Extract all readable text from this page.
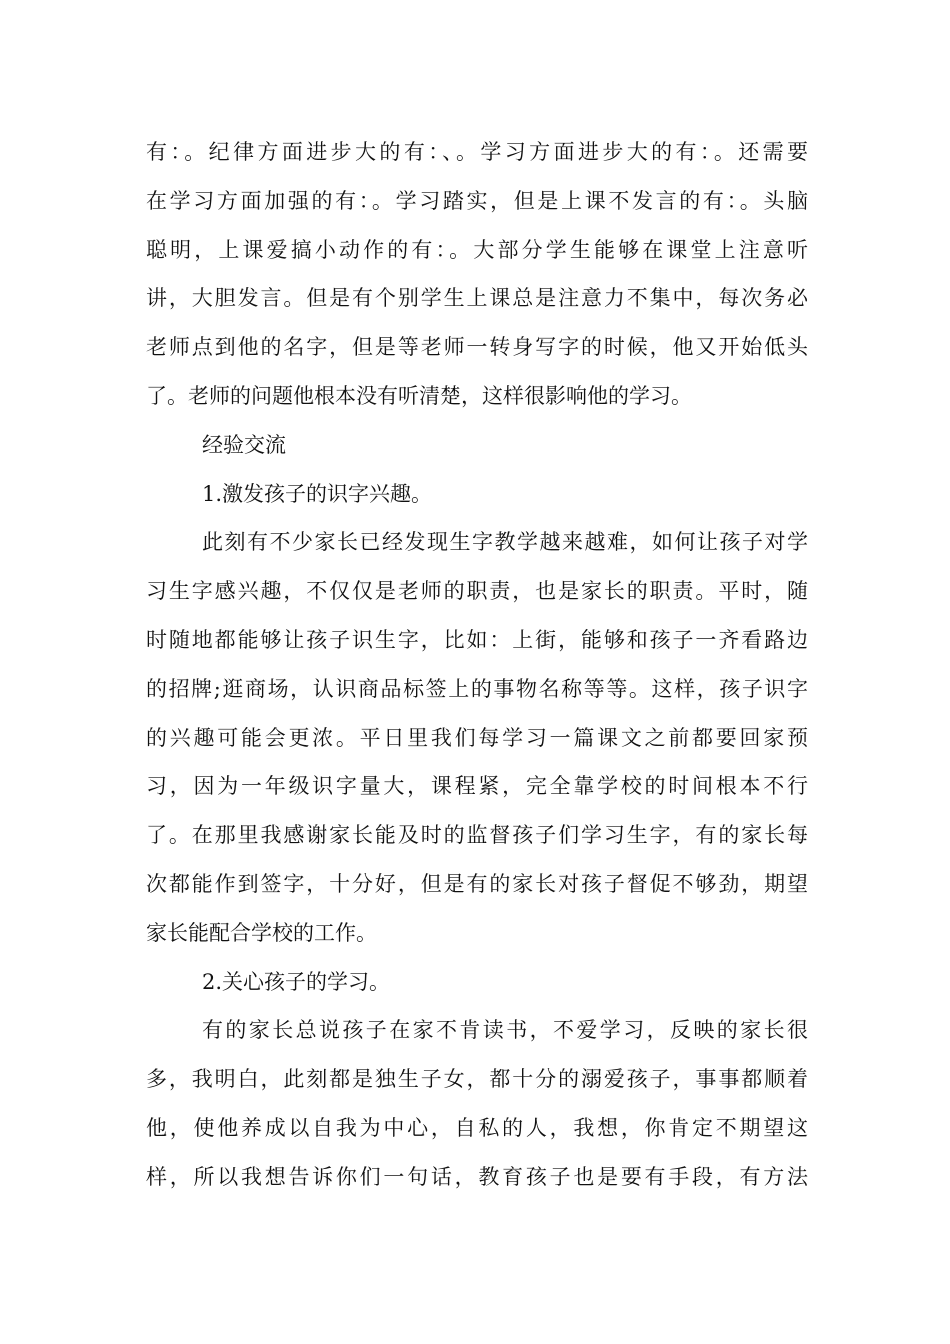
有：。纪律方面进步大的有：、。学习方面进步大的有：。还需要
在学习方面加强的有：。学习踏实，但是上课不发言的有：。头脑
聪明，上课爱搞小动作的有：。大部分学生能够在课堂上注意听
讲，大胆发言。但是有个别学生上课总是注意力不集中，每次务必
老师点到他的名字，但是等老师一转身写字的时候，他又开始低头
了。老师的问题他根本没有听清楚，这样很影响他的学习。
经验交流
1.激发孩子的识字兴趣。
此刻有不少家长已经发现生字教学越来越难，如何让孩子对学
习生字感兴趣，不仅仅是老师的职责，也是家长的职责。平时，随
时随地都能够让孩子识生字，比如：上街，能够和孩子一齐看路边
的招牌;逛商场，认识商品标签上的事物名称等等。这样，孩子识字
的兴趣可能会更浓。平日里我们每学习一篇课文之前都要回家预
习，因为一年级识字量大，课程紧，完全靠学校的时间根本不行
了。在那里我感谢家长能及时的监督孩子们学习生字，有的家长每
次都能作到签字，十分好，但是有的家长对孩子督促不够劲，期望
家长能配合学校的工作。
2.关心孩子的学习。
有的家长总说孩子在家不肯读书，不爱学习，反映的家长很
多，我明白，此刻都是独生子女，都十分的溺爱孩子，事事都顺着
他，使他养成以自我为中心，自私的人，我想，你肯定不期望这
样，所以我想告诉你们一句话，教育孩子也是要有手段，有方法
